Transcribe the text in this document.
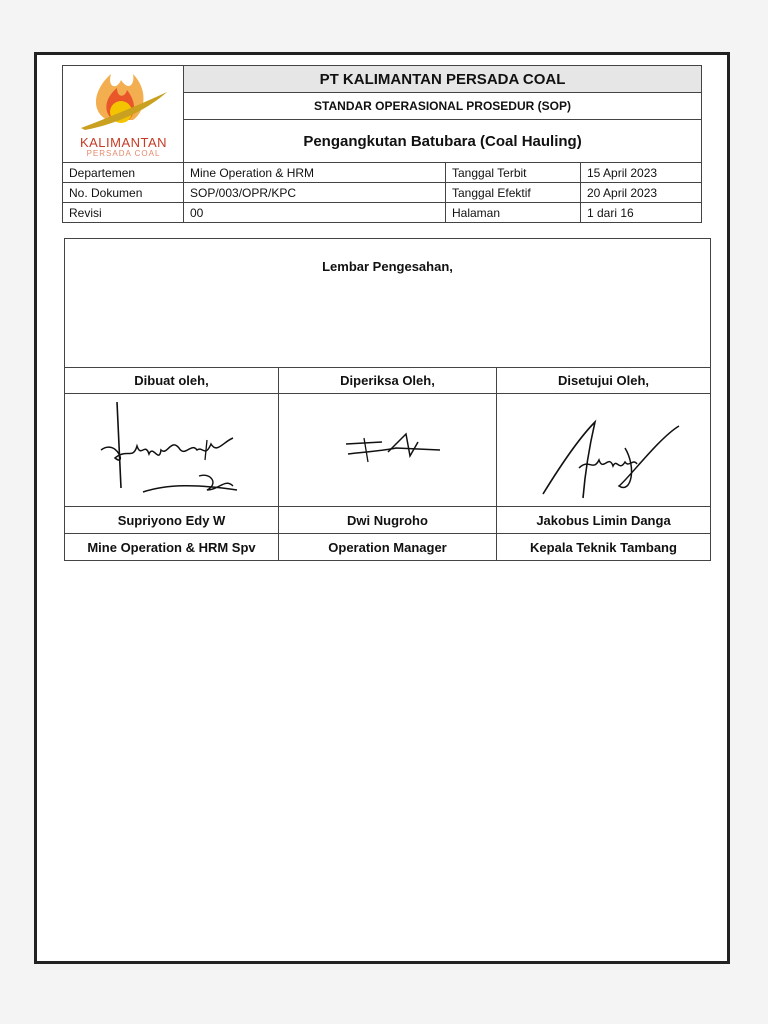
KALIMANTAN
PERSADA COAL	PT KALIMANTAN PERSADA COAL		
	STANDAR OPERASIONAL PROSEDUR (SOP)		
	Pengangkutan Batubara (Coal Hauling)		
Departemen	Mine Operation & HRM	Tanggal Terbit	15 April 2023
No. Dokumen	SOP/003/OPR/KPC	Tanggal Efektif	20 April 2023
Revisi	00	Halaman	1 dari 16
Lembar Pengesahan,		
Dibuat oleh,	Diperiksa Oleh,	Disetujui Oleh,

Supriyono Edy W	Dwi Nugroho	Jakobus Limin Danga
Mine Operation & HRM Spv	Operation Manager	Kepala Teknik Tambang
